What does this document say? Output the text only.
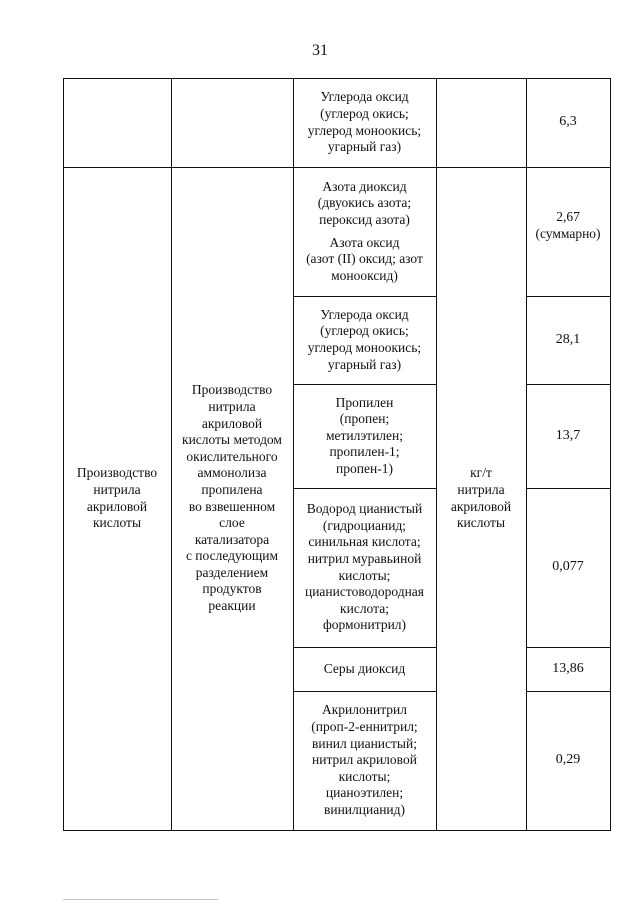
31
Производство
нитрила
акриловой
кислоты
Производство
нитрила
акриловой
кислоты методом
окислительного
аммонолиза
пропилена
во взвешенном
слое
катализатора
с последующим
разделением
продуктов
реакции
кг/т
нитрила
акриловой
кислоты
Углерода оксид
(углерод окись;
углерод моноокись;
угарный газ)
6,3
Азота диоксид
(двуокись азота;
пероксид азота)
Азота оксид
(азот (II) оксид; азот
монооксид)
2,67
(суммарно)
Углерода оксид
(углерод окись;
углерод моноокись;
угарный газ)
28,1
Пропилен
(пропен;
метилэтилен;
пропилен-1;
пропен-1)
13,7
Водород цианистый
(гидроцианид;
синильная кислота;
нитрил муравьиной
кислоты;
цианистоводородная
кислота;
формонитрил)
0,077
Серы диоксид	13,86
Акрилонитрил
(проп-2-еннитрил;
винил цианистый;
нитрил акриловой
кислоты;
цианоэтилен;
винилцианид)
0,29
